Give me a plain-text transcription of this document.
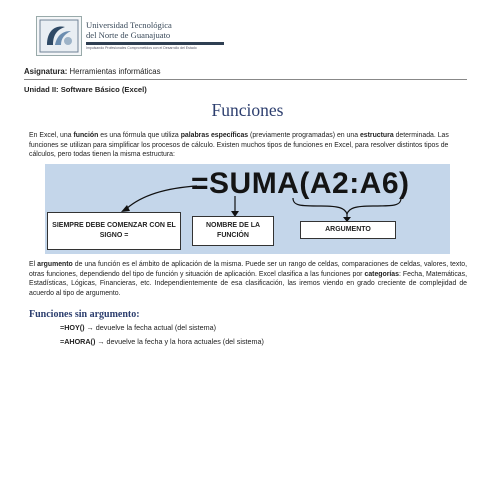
Universidad Tecnológica
del Norte de Guanajuato
Impulsando Profesionales Comprometidos con el Desarrollo del Estado
Asignatura: Herramientas informáticas
Unidad II: Software Básico (Excel)
Funciones
En Excel, una función es una fórmula que utiliza palabras específicas (previamente programadas) en una estructura determinada. Las funciones se utilizan para simplificar los procesos de cálculo. Existen muchos tipos de funciones en Excel, para resolver distintos tipos de cálculos, pero todas tienen la misma estructura:
=SUMA(A2:A6)
SIEMPRE DEBE COMENZAR CON EL SIGNO =
NOMBRE DE LA FUNCIÓN
ARGUMENTO
El argumento de una función es el ámbito de aplicación de la misma. Puede ser un rango de celdas, comparaciones de celdas, valores, texto, otras funciones, dependiendo del tipo de función y situación de aplicación. Excel clasifica a las funciones por categorías: Fecha, Matemáticas, Estadísticas, Lógicas, Financieras, etc. Independientemente de esa clasificación, las iremos viendo en grado creciente de complejidad de acuerdo al tipo de argumento.
Funciones sin argumento:
=HOY() → devuelve la fecha actual (del sistema)
=AHORA() → devuelve la fecha y la hora actuales (del sistema)
